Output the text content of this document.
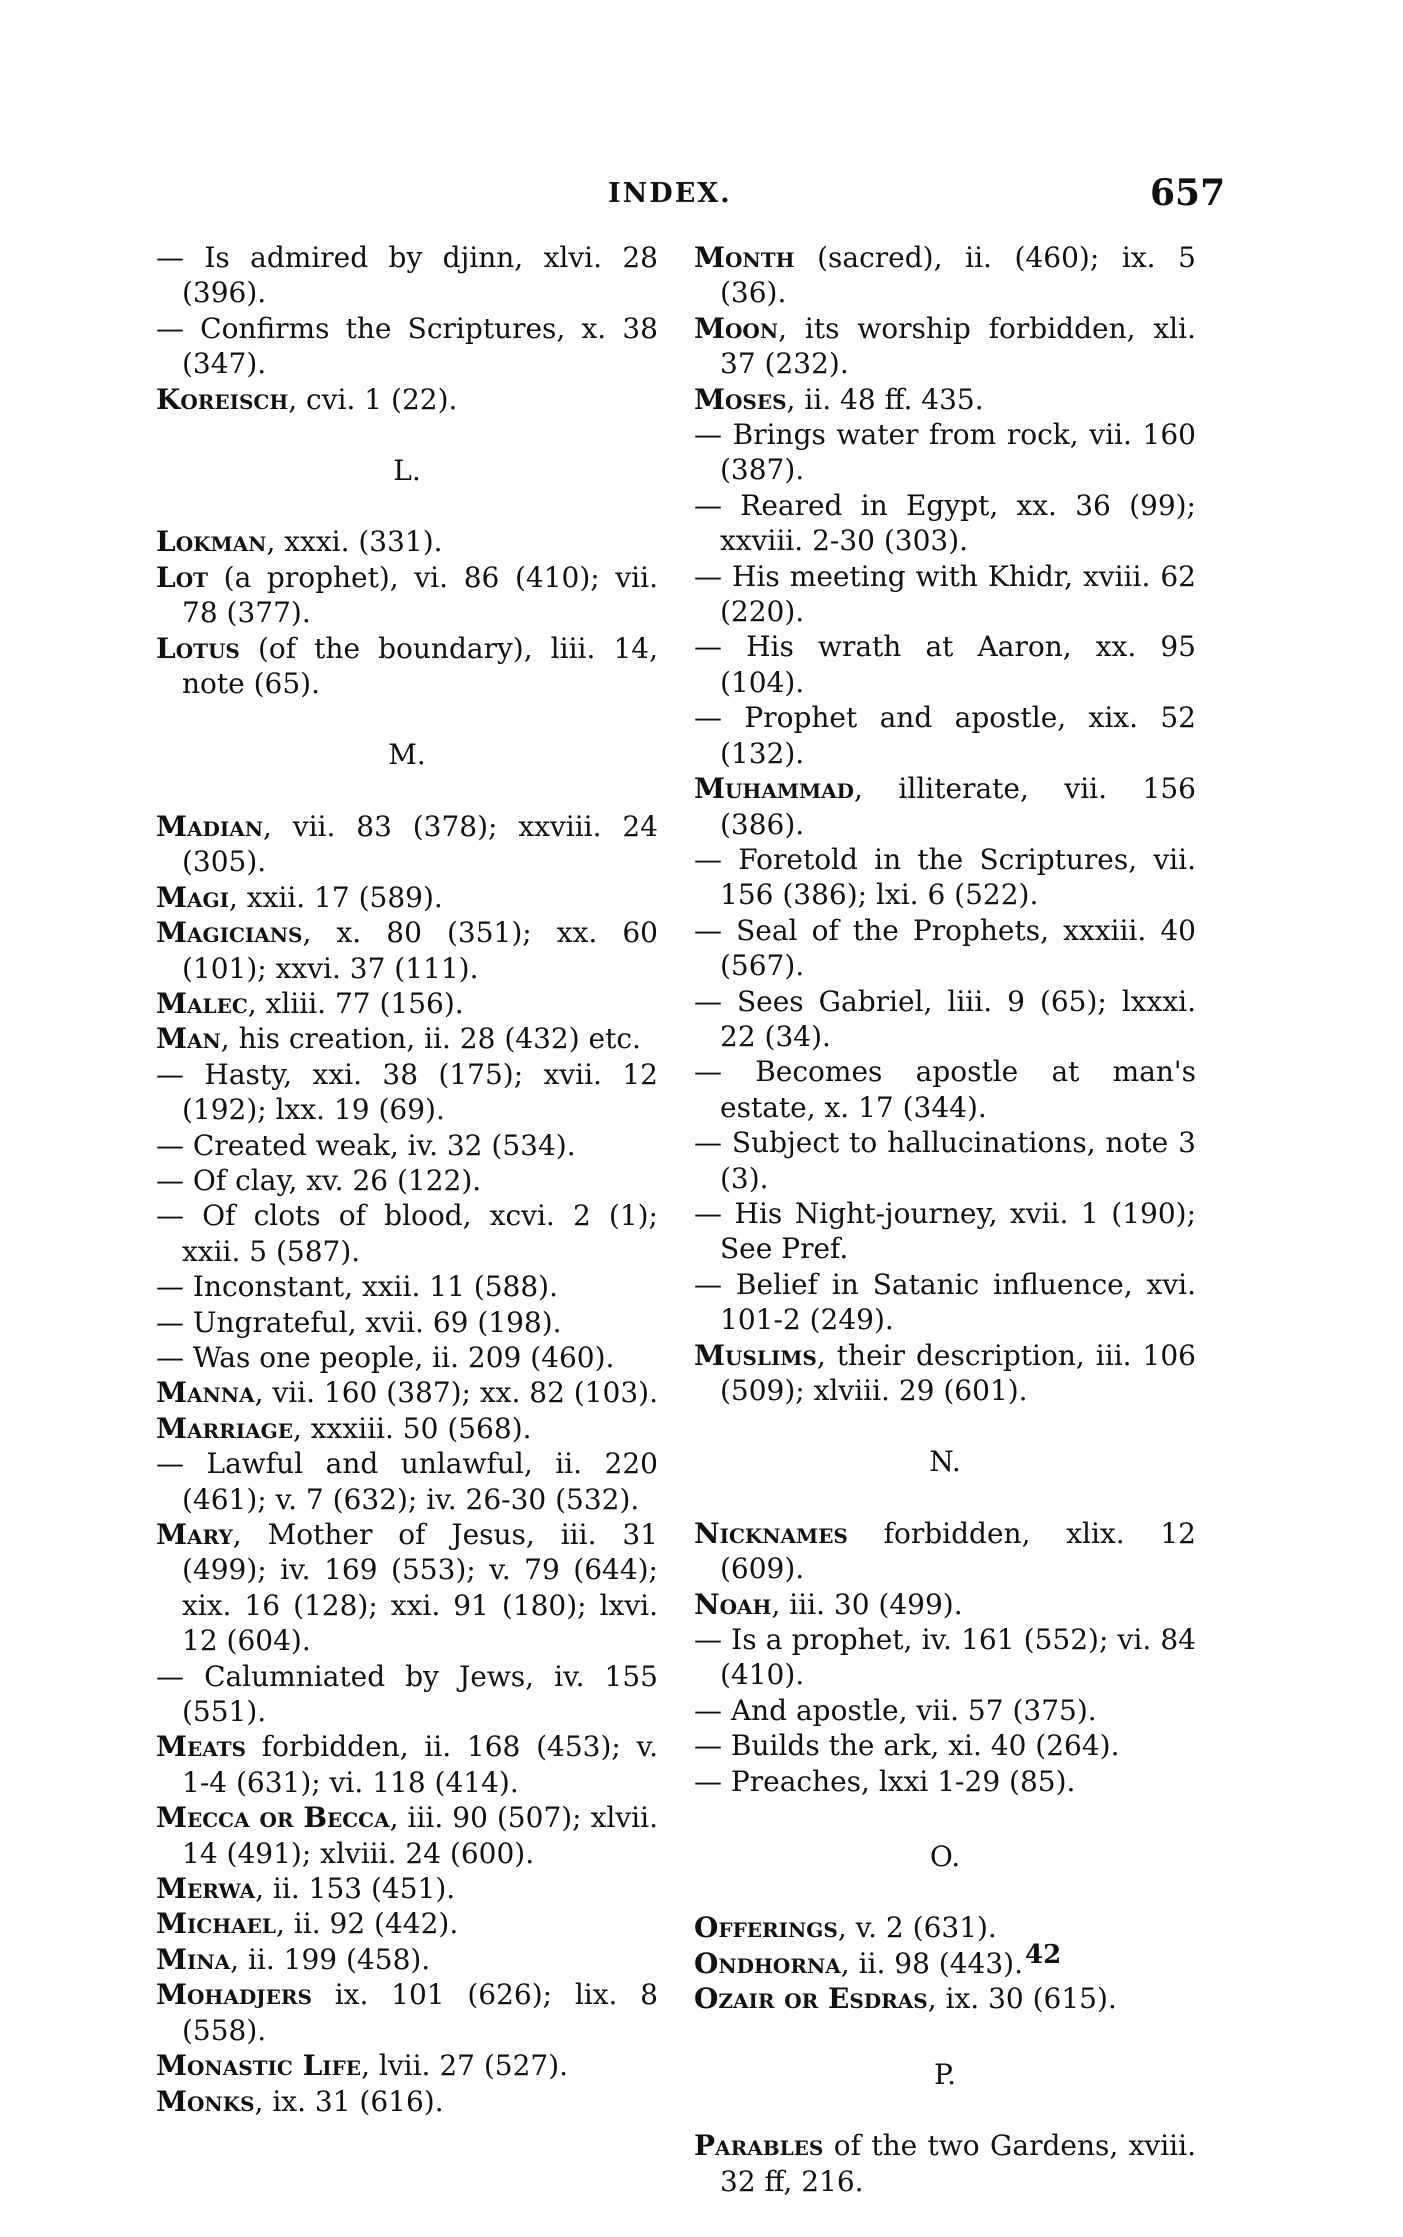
INDEX.	657

— Is admired by djinn, xlvi. 28 (396).

— Confirms the Scriptures, x. 38 (347).

Koreisch, cvi. 1 (22).

L.

Lokman, xxxi. (331).

Lot (a prophet), vi. 86 (410); vii. 78 (377).

Lotus (of the boundary), liii. 14, note (65).

M.

Madian, vii. 83 (378); xxviii. 24 (305).

Magi, xxii. 17 (589).

Magicians, x. 80 (351); xx. 60 (101); xxvi. 37 (111).

Malec, xliii. 77 (156).

Man, his creation, ii. 28 (432) etc.

— Hasty, xxi. 38 (175); xvii. 12 (192); lxx. 19 (69).

— Created weak, iv. 32 (534).

— Of clay, xv. 26 (122).

— Of clots of blood, xcvi. 2 (1); xxii. 5 (587).

— Inconstant, xxii. 11 (588).

— Ungrateful, xvii. 69 (198).

— Was one people, ii. 209 (460).

Manna, vii. 160 (387); xx. 82 (103).

Marriage, xxxiii. 50 (568).

— Lawful and unlawful, ii. 220 (461); v. 7 (632); iv. 26-30 (532).

Mary, Mother of Jesus, iii. 31 (499); iv. 169 (553); v. 79 (644); xix. 16 (128); xxi. 91 (180); lxvi. 12 (604).

— Calumniated by Jews, iv. 155 (551).

Meats forbidden, ii. 168 (453); v. 1-4 (631); vi. 118 (414).

Mecca or Becca, iii. 90 (507); xlvii. 14 (491); xlviii. 24 (600).

Merwa, ii. 153 (451).

Michael, ii. 92 (442).

Mina, ii. 199 (458).

Mohadjers ix. 101 (626); lix. 8 (558).

Monastic Life, lvii. 27 (527).

Monks, ix. 31 (616).

Month (sacred), ii. (460); ix. 5 (36).

Moon, its worship forbidden, xli. 37 (232).

Moses, ii. 48 ff. 435.

— Brings water from rock, vii. 160 (387).

— Reared in Egypt, xx. 36 (99); xxviii. 2-30 (303).

— His meeting with Khidr, xviii. 62 (220).

— His wrath at Aaron, xx. 95 (104).

— Prophet and apostle, xix. 52 (132).

Muhammad, illiterate, vii. 156 (386).

— Foretold in the Scriptures, vii. 156 (386); lxi. 6 (522).

— Seal of the Prophets, xxxiii. 40 (567).

— Sees Gabriel, liii. 9 (65); lxxxi. 22 (34).

— Becomes apostle at man's estate, x. 17 (344).

— Subject to hallucinations, note 3 (3).

— His Night-journey, xvii. 1 (190); See Pref.

— Belief in Satanic influence, xvi. 101-2 (249).

Muslims, their description, iii. 106 (509); xlviii. 29 (601).

N.

Nicknames forbidden, xlix. 12 (609).

Noah, iii. 30 (499).

— Is a prophet, iv. 161 (552); vi. 84 (410).

— And apostle, vii. 57 (375).

— Builds the ark, xi. 40 (264).

— Preaches, lxxi 1-29 (85).

O.

Offerings, v. 2 (631).

Ondhorna, ii. 98 (443).

Ozair or Esdras, ix. 30 (615).

P.

Parables of the two Gardens, xviii. 32 ff, 216.

42
